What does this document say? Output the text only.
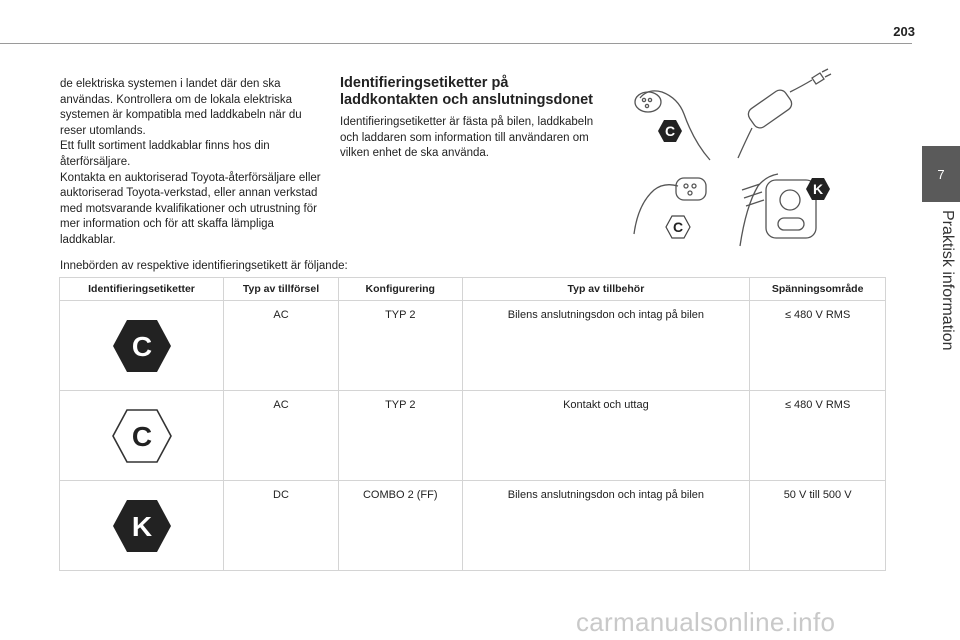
203
7
Praktisk information

de elektriska systemen i landet där den ska användas. Kontrollera om de lokala elektriska systemen är kompatibla med laddkabeln när du reser utomlands.

Ett fullt sortiment laddkablar finns hos din återförsäljare.

Kontakta en auktoriserad Toyota-återförsäljare eller auktoriserad Toyota-verkstad, eller annan verkstad med motsvarande kvalifikationer och utrustning för mer information och för att skaffa lämpliga laddkablar.

Identifieringsetiketter på laddkontakten och anslutningsdonet

Identifieringsetiketter är fästa på bilen, laddkabeln och laddaren som information till användaren om vilken enhet de ska använda.

C
C
K

Innebörden av respektive identifieringsetikett är följande:

Identifieringsetiketter	Typ av tillförsel	Konfigurering	Typ av tillbehör	Spänningsområde

C	AC	TYP 2	Bilens anslutningsdon och intag på bilen	≤ 480 V RMS

C	AC	TYP 2	Kontakt och uttag	≤ 480 V RMS

K	DC	COMBO 2 (FF)	Bilens anslutningsdon och intag på bilen	50 V till 500 V
carmanualsonline.info
